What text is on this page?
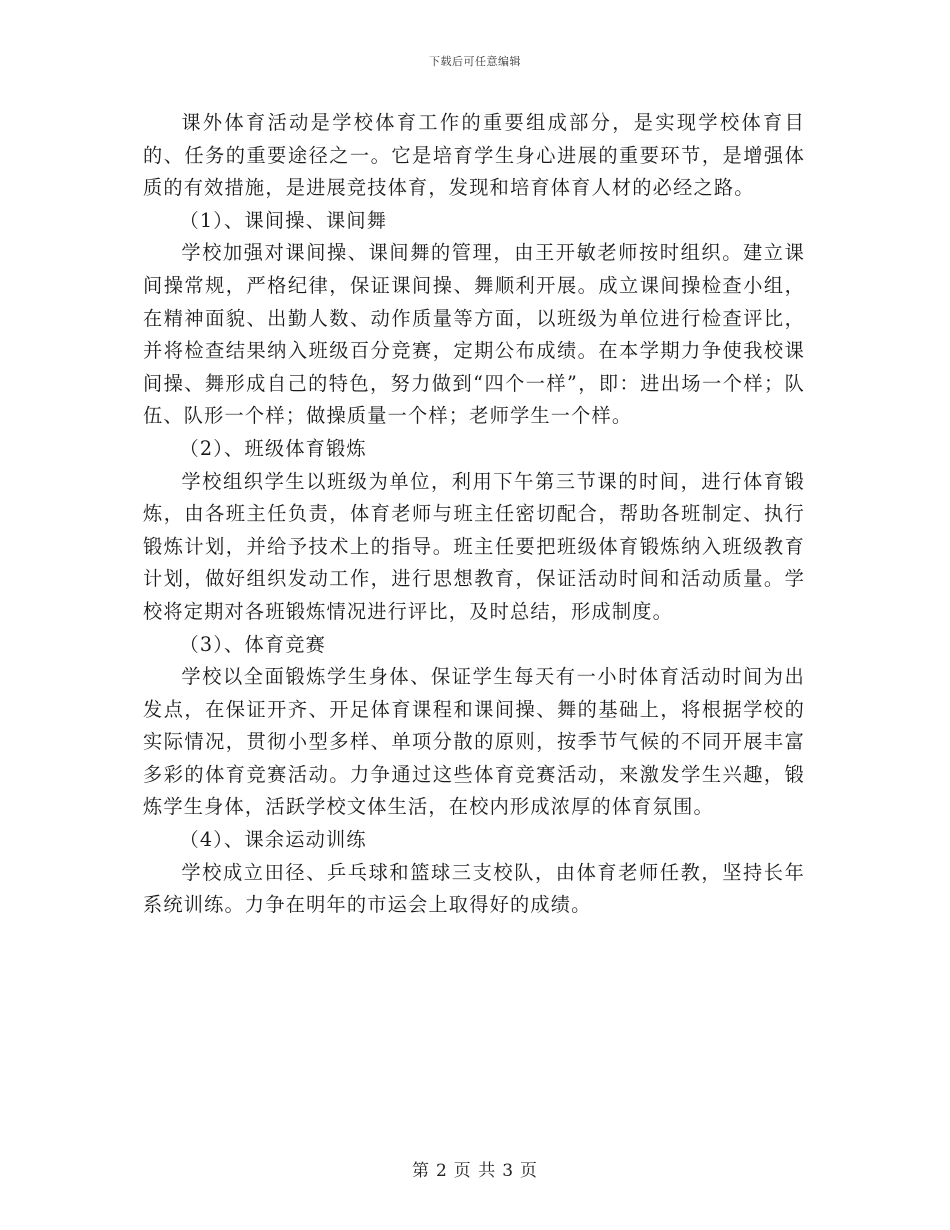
下载后可任意编辑

课外体育活动是学校体育工作的重要组成部分，是实现学校体育目的、任务的重要途径之一。它是培育学生身心进展的重要环节，是增强体质的有效措施，是进展竞技体育，发现和培育体育人材的必经之路。

（1）、课间操、课间舞

学校加强对课间操、课间舞的管理，由王开敏老师按时组织。建立课间操常规，严格纪律，保证课间操、舞顺利开展。成立课间操检查小组，在精神面貌、出勤人数、动作质量等方面，以班级为单位进行检查评比，并将检查结果纳入班级百分竞赛，定期公布成绩。在本学期力争使我校课间操、舞形成自己的特色，努力做到“四个一样”，即：进出场一个样；队伍、队形一个样；做操质量一个样；老师学生一个样。

（2）、班级体育锻炼

学校组织学生以班级为单位，利用下午第三节课的时间，进行体育锻炼，由各班主任负责，体育老师与班主任密切配合，帮助各班制定、执行锻炼计划，并给予技术上的指导。班主任要把班级体育锻炼纳入班级教育计划，做好组织发动工作，进行思想教育，保证活动时间和活动质量。学校将定期对各班锻炼情况进行评比，及时总结，形成制度。

（3）、体育竞赛

学校以全面锻炼学生身体、保证学生每天有一小时体育活动时间为出发点，在保证开齐、开足体育课程和课间操、舞的基础上，将根据学校的实际情况，贯彻小型多样、单项分散的原则，按季节气候的不同开展丰富多彩的体育竞赛活动。力争通过这些体育竞赛活动，来激发学生兴趣，锻炼学生身体，活跃学校文体生活，在校内形成浓厚的体育氛围。

（4）、课余运动训练

学校成立田径、乒乓球和篮球三支校队，由体育老师任教，坚持长年系统训练。力争在明年的市运会上取得好的成绩。

第 2 页 共 3 页
